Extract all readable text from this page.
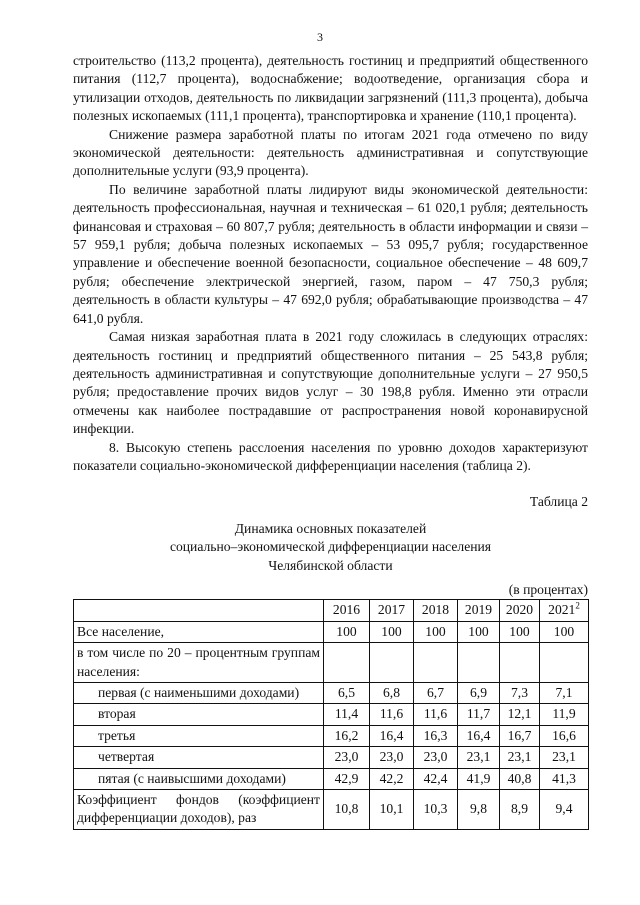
3

строительство (113,2 процента), деятельность гостиниц и предприятий общественного питания (112,7 процента), водоснабжение; водоотведение, организация сбора и утилизации отходов, деятельность по ликвидации загрязнений (111,3 процента), добыча полезных ископаемых (111,1 процента), транспортировка и хранение (110,1 процента).

Снижение размера заработной платы по итогам 2021 года отмечено по виду экономической деятельности: деятельность административная и сопутствующие дополнительные услуги (93,9 процента).

По величине заработной платы лидируют виды экономической деятельности: деятельность профессиональная, научная и техническая – 61 020,1 рубля; деятельность финансовая и страховая – 60 807,7 рубля; деятельность в области информации и связи – 57 959,1 рубля; добыча полезных ископаемых – 53 095,7 рубля; государственное управление и обеспечение военной безопасности, социальное обеспечение – 48 609,7 рубля; обеспечение электрической энергией, газом, паром – 47 750,3 рубля; деятельность в области культуры – 47 692,0 рубля; обрабатывающие производства – 47 641,0 рубля.

Самая низкая заработная плата в 2021 году сложилась в следующих отраслях: деятельность гостиниц и предприятий общественного питания – 25 543,8 рубля; деятельность административная и сопутствующие дополнительные услуги – 27 950,5 рубля; предоставление прочих видов услуг – 30 198,8 рубля. Именно эти отрасли отмечены как наиболее пострадавшие от распространения новой коронавирусной инфекции.

8. Высокую степень расслоения населения по уровню доходов характеризуют показатели социально-экономической дифференциации населения (таблица 2).

Таблица 2
Динамика основных показателей
социально–экономической дифференциации населения
Челябинской области
(в процентах)
	2016	2017	2018	2019	2020	2021$^2$
Все население,	100	100	100	100	100	100
в том числе по 20 – процентным группам населения:						
первая (с наименьшими доходами)	6,5	6,8	6,7	6,9	7,3	7,1
вторая	11,4	11,6	11,6	11,7	12,1	11,9
третья	16,2	16,4	16,3	16,4	16,7	16,6
четвертая	23,0	23,0	23,0	23,1	23,1	23,1
пятая (с наивысшими доходами)	42,9	42,2	42,4	41,9	40,8	41,3
Коэффициент фондов (коэффициент дифференциации доходов), раз	10,8	10,1	10,3	9,8	8,9	9,4
